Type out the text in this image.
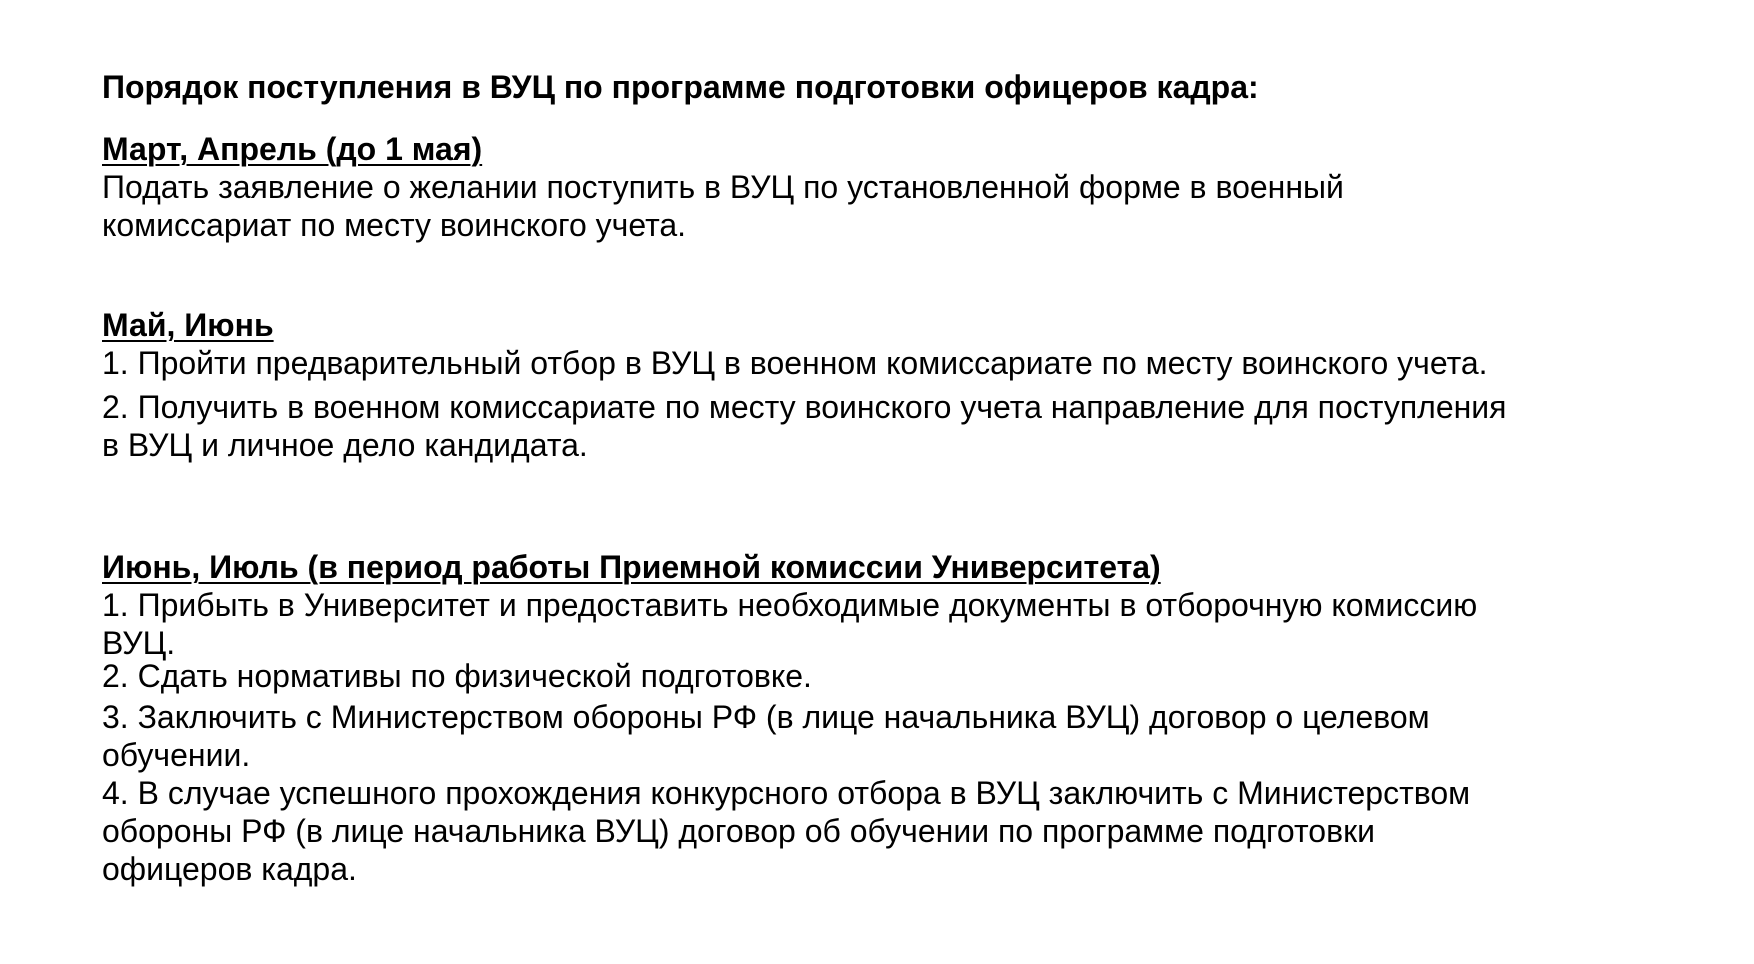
Порядок поступления в ВУЦ по программе подготовки офицеров кадра:
Март, Апрель (до 1 мая)
Подать заявление о желании поступить в ВУЦ по установленной форме в военный
комиссариат по месту воинского учета.
Май, Июнь
1. Пройти предварительный отбор в ВУЦ в военном комиссариате по месту воинского учета.
2. Получить в военном комиссариате по месту воинского учета направление для поступления
в ВУЦ и личное дело кандидата.
Июнь, Июль (в период работы Приемной комиссии Университета)
1. Прибыть в Университет и предоставить необходимые документы в отборочную комиссию
ВУЦ.
2. Сдать нормативы по физической подготовке.
3. Заключить с Министерством обороны РФ (в лице начальника ВУЦ) договор о целевом
обучении.
4. В случае успешного прохождения конкурсного отбора в ВУЦ заключить с Министерством
обороны РФ (в лице начальника ВУЦ) договор об обучении по программе подготовки
офицеров кадра.
